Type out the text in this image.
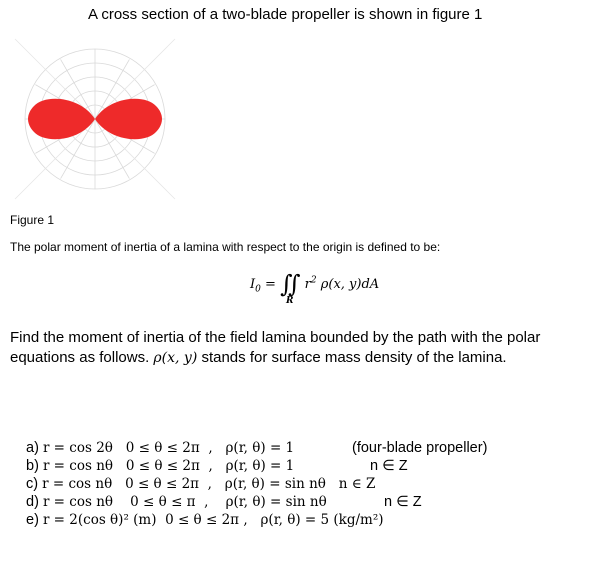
A cross section of a two-blade propeller is shown in figure 1
Figure 1
The polar moment of inertia of a lamina with respect to the origin is defined to be:
$I_0$ = ∬ $r^2$ ρ(x, y)dA
R
Find the moment of inertia of the field lamina bounded by the path with the polar
equations as follows. ρ(x, y) stands for surface mass density of the lamina.
a) r = cos 2θ   0 ≤ θ ≤ 2π  ,   ρ(r, θ) = 1	(four-blade propeller)
b) r = cos nθ   0 ≤ θ ≤ 2π  ,   ρ(r, θ) = 1	n ∈ Z
c) r = cos nθ   0 ≤ θ ≤ 2π  ,   ρ(r, θ) = sin nθ   n ∈ Z
d) r = cos nθ    0 ≤ θ ≤ π  ,    ρ(r, θ) = sin nθ	n ∈ Z
e) r = 2(cos θ)² (m)  0 ≤ θ ≤ 2π ,   ρ(r, θ) = 5 (kg/m²)
